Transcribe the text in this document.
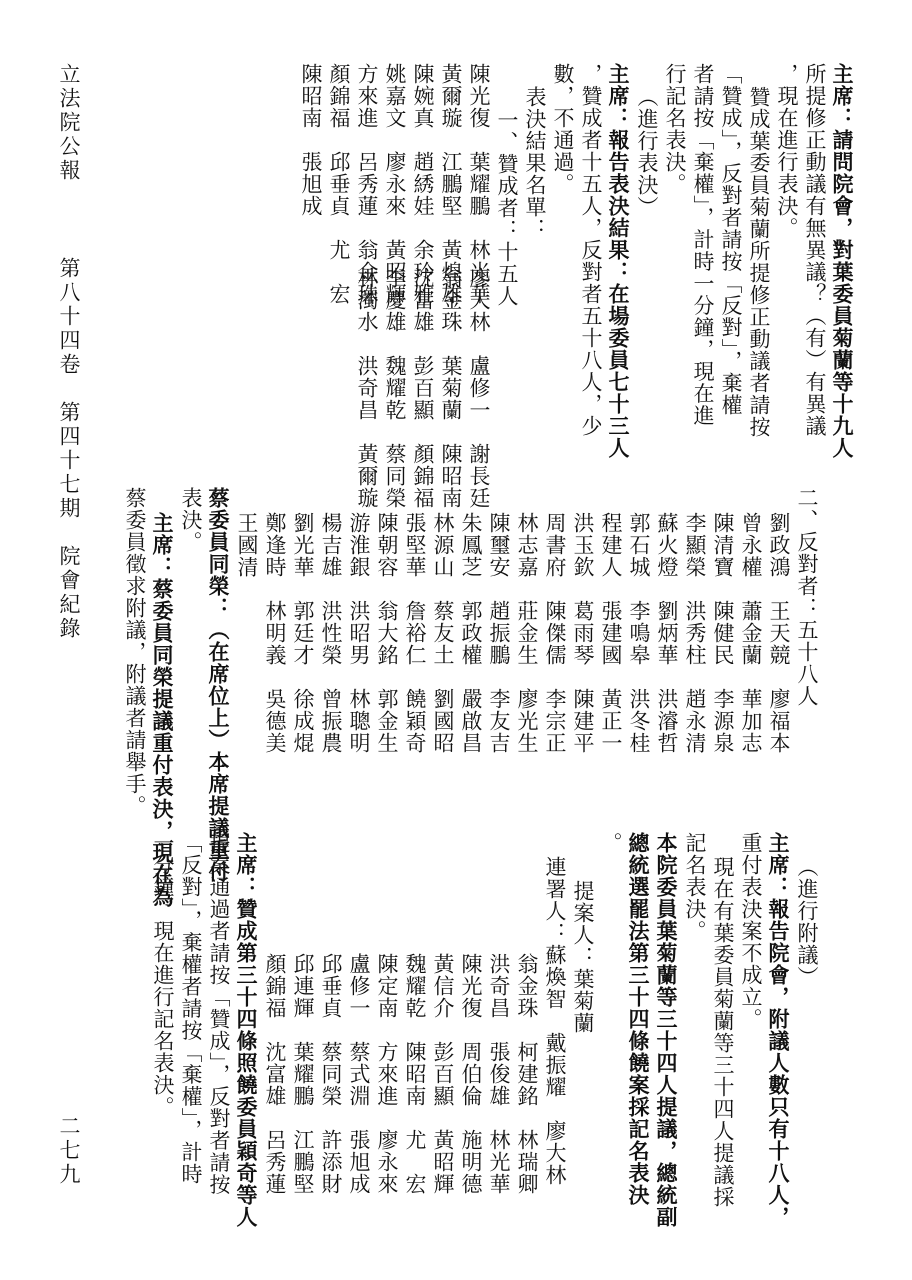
立法院公報
第八十四卷　第四十七期　院會紀錄
二七九
主席：請問院會，對葉委員菊蘭等十九人
所提修正動議有無異議？（有）有異議
，現在進行表決。
贊成葉委員菊蘭所提修正動議者請按
「贊成」，反對者請按「反對」，棄權
者請按「棄權」，計時一分鐘，現在進
行記名表決。
（進行表決）
主席：報告表決結果：在場委員七十三人
，贊成者十五人，反對者五十八人，少
數，不通過。
表決結果名單：
一、贊成者：十五人
廖大林　盧修一　謝長廷
翁金珠　葉菊蘭　陳昭南
沈富雄　彭百顯　顏錦福
李慶雄　魏耀乾　蔡同榮
林濁水　洪奇昌　黃爾璇
二、反對者：五十八人
劉政鴻　王天競　廖福本
曾永權　蕭金蘭　華加志
陳清寶　陳健民　李源泉
李顯榮　洪秀柱　趙永清
蘇火燈　劉炳華　洪濬哲
郭石城　李鳴皋　洪冬桂
程建人　張建國　黃正一
洪玉欽　葛雨琴　陳建平
周書府　陳傑儒　李宗正
林志嘉　莊金生　廖光生
陳璽安　趙振鵬　李友吉
朱鳳芝　郭政權　嚴啟昌
林源山　蔡友土　劉國昭
張堅華　詹裕仁　饒穎奇
陳朝容　翁大銘　郭金生
游淮銀　洪昭男　林聰明
楊吉雄　洪性榮　曾振農
劉光華　郭廷才　徐成焜
鄭逢時　林明義　吳德美
王國清
蔡委員同榮：（在席位上）本席提議重付
表決。
主席：蔡委員同榮提議重付表決，現在為
蔡委員徵求附議，附議者請舉手。
（進行附議）
主席：報告院會，附議人數只有十八人，
重付表決案不成立。
現在有葉委員菊蘭等三十四人提議採
記名表決。
本院委員葉菊蘭等三十四人提議，總統副
總統選罷法第三十四條饒案採記名表決
。
提案人：葉菊蘭
連署人：蘇煥智　戴振耀　廖大林
翁金珠　柯建銘　林瑞卿
洪奇昌　張俊雄　林光華
陳光復　周伯倫　施明德
黃信介　彭百顯　黃昭輝
魏耀乾　陳昭南　尤　宏
陳定南　方來進　廖永來
盧修一　蔡式淵　張旭成
邱垂貞　蔡同榮　許添財
邱連輝　葉耀鵬　江鵬堅
顏錦福　沈富雄　呂秀蓮
主席：贊成第三十四條照饒委員穎奇等人
提案通過者請按「贊成」，反對者請按
「反對」，棄權者請按「棄權」，計時
一分鐘，現在進行記名表決。
陳光復　葉耀鵬　林光華
黃爾璇　江鵬堅　黃煌雄
陳婉真　趙綉娃　余玲雅
姚嘉文　廖永來　黃昭輝
方來進　呂秀蓮　翁金珠
顏錦福　邱垂貞　尤　宏
陳昭南　張旭成
